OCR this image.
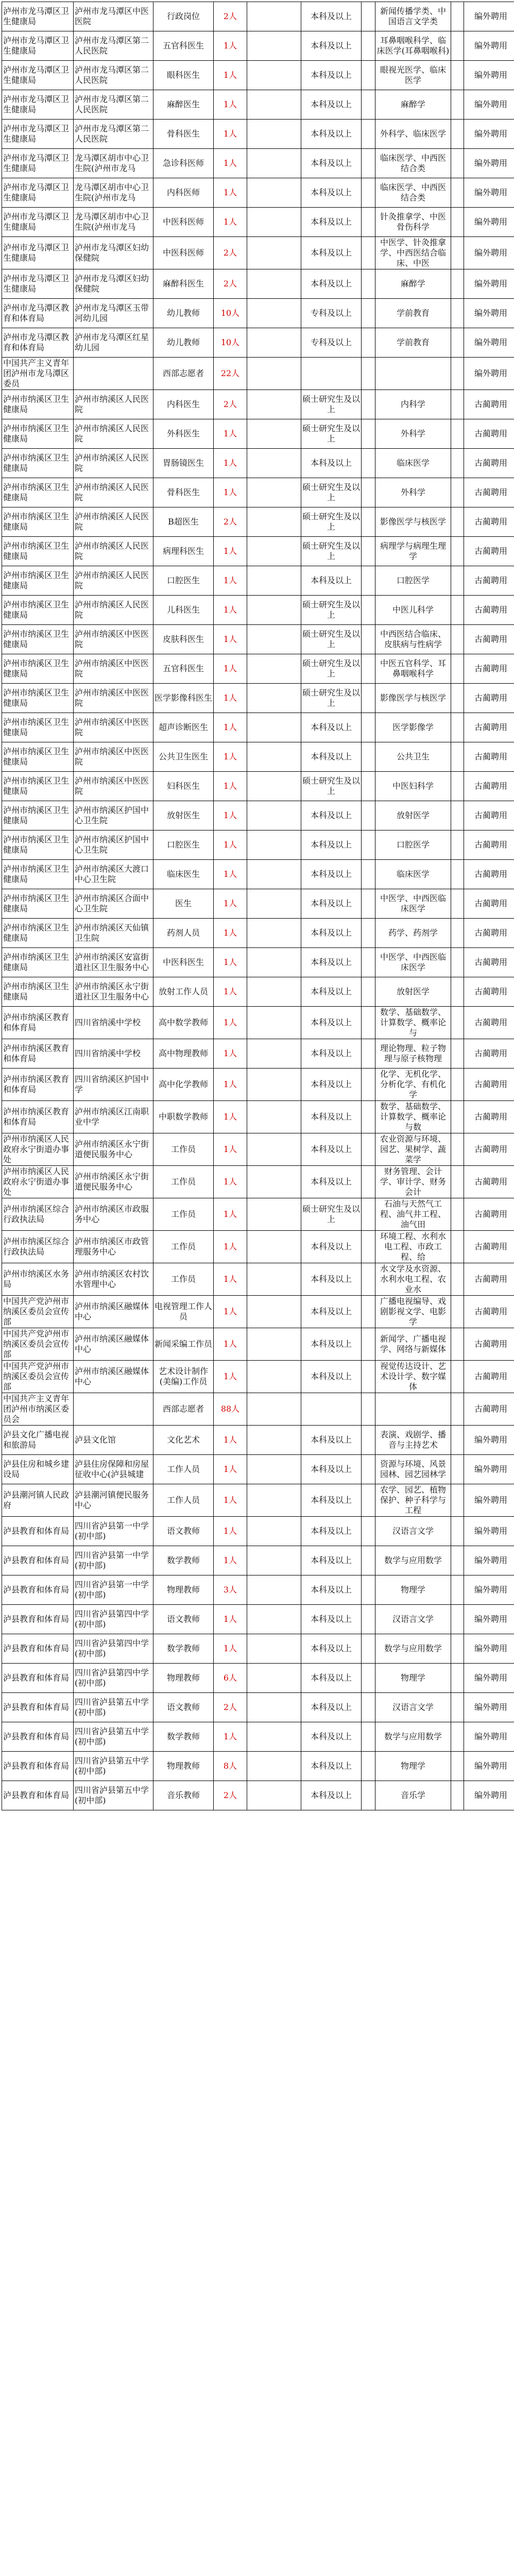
泸州市龙马潭区卫生健康局	泸州市龙马潭区中医医院	行政岗位	2人		本科及以上		新闻传播学类、中国语言文学类		编外聘用
泸州市龙马潭区卫生健康局	泸州市龙马潭区第二人民医院	五官科医生	1人		本科及以上		耳鼻咽喉科学、临床医学(耳鼻咽喉科)		编外聘用
泸州市龙马潭区卫生健康局	泸州市龙马潭区第二人民医院	眼科医生	1人		本科及以上		眼视光医学、临床医学		编外聘用
泸州市龙马潭区卫生健康局	泸州市龙马潭区第二人民医院	麻醉医生	1人		本科及以上		麻醉学		编外聘用
泸州市龙马潭区卫生健康局	泸州市龙马潭区第二人民医院	骨科医生	1人		本科及以上		外科学、临床医学		编外聘用
泸州市龙马潭区卫生健康局	龙马潭区胡市中心卫生院(泸州市龙马	急诊科医师	1人		本科及以上		临床医学、中西医结合类		编外聘用
泸州市龙马潭区卫生健康局	龙马潭区胡市中心卫生院(泸州市龙马	内科医师	1人		本科及以上		临床医学、中西医结合类		编外聘用
泸州市龙马潭区卫生健康局	龙马潭区胡市中心卫生院(泸州市龙马	中医科医师	1人		本科及以上		针灸推拿学、中医骨伤科学		编外聘用
泸州市龙马潭区卫生健康局	泸州市龙马潭区妇幼保健院	中医科医师	2人		本科及以上		中医学、针灸推拿学、中西医结合临床、中医		编外聘用
泸州市龙马潭区卫生健康局	泸州市龙马潭区妇幼保健院	麻醉科医生	2人		本科及以上		麻醉学		编外聘用
泸州市龙马潭区教育和体育局	泸州市龙马潭区玉带河幼儿园	幼儿教师	10人		专科及以上		学前教育		编外聘用
泸州市龙马潭区教育和体育局	泸州市龙马潭区红星幼儿园	幼儿教师	10人		专科及以上		学前教育		编外聘用
中国共产主义青年团泸州市龙马潭区委员		西部志愿者	22人						编外聘用
泸州市纳溪区卫生健康局	泸州市纳溪区人民医院	内科医生	2人		硕士研究生及以上		内科学		古蔺聘用
泸州市纳溪区卫生健康局	泸州市纳溪区人民医院	外科医生	1人		硕士研究生及以上		外科学		古蔺聘用
泸州市纳溪区卫生健康局	泸州市纳溪区人民医院	胃肠镜医生	1人		本科及以上		临床医学		古蔺聘用
泸州市纳溪区卫生健康局	泸州市纳溪区人民医院	骨科医生	1人		硕士研究生及以上		外科学		古蔺聘用
泸州市纳溪区卫生健康局	泸州市纳溪区人民医院	B超医生	2人		硕士研究生及以上		影像医学与核医学		古蔺聘用
泸州市纳溪区卫生健康局	泸州市纳溪区人民医院	病理科医生	1人		硕士研究生及以上		病理学与病理生理学		古蔺聘用
泸州市纳溪区卫生健康局	泸州市纳溪区人民医院	口腔医生	1人		本科及以上		口腔医学		古蔺聘用
泸州市纳溪区卫生健康局	泸州市纳溪区人民医院	儿科医生	1人		硕士研究生及以上		中医儿科学		古蔺聘用
泸州市纳溪区卫生健康局	泸州市纳溪区中医医院	皮肤科医生	1人		硕士研究生及以上		中西医结合临床、皮肤病与性病学		古蔺聘用
泸州市纳溪区卫生健康局	泸州市纳溪区中医医院	五官科医生	1人		硕士研究生及以上		中医五官科学、耳鼻咽喉科学		古蔺聘用
泸州市纳溪区卫生健康局	泸州市纳溪区中医医院	医学影像科医生	1人		硕士研究生及以上		影像医学与核医学		古蔺聘用
泸州市纳溪区卫生健康局	泸州市纳溪区中医医院	超声诊断医生	1人		本科及以上		医学影像学		古蔺聘用
泸州市纳溪区卫生健康局	泸州市纳溪区中医医院	公共卫生医生	1人		本科及以上		公共卫生		古蔺聘用
泸州市纳溪区卫生健康局	泸州市纳溪区中医医院	妇科医生	1人		硕士研究生及以上		中医妇科学		古蔺聘用
泸州市纳溪区卫生健康局	泸州市纳溪区护国中心卫生院	放射医生	1人		本科及以上		放射医学		古蔺聘用
泸州市纳溪区卫生健康局	泸州市纳溪区护国中心卫生院	口腔医生	1人		本科及以上		口腔医学		古蔺聘用
泸州市纳溪区卫生健康局	泸州市纳溪区大渡口中心卫生院	临床医生	1人		本科及以上		临床医学		古蔺聘用
泸州市纳溪区卫生健康局	泸州市纳溪区合面中心卫生院	医生	1人		本科及以上		中医学、中西医临床医学		古蔺聘用
泸州市纳溪区卫生健康局	泸州市纳溪区天仙镇卫生院	药剂人员	1人		本科及以上		药学、药剂学		古蔺聘用
泸州市纳溪区卫生健康局	泸州市纳溪区安富街道社区卫生服务中心	中医科医生	1人		本科及以上		中医学、中西医临床医学		古蔺聘用
泸州市纳溪区卫生健康局	泸州市纳溪区永宁街道社区卫生服务中心	放射工作人员	1人		本科及以上		放射医学		古蔺聘用
泸州市纳溪区教育和体育局	四川省纳溪中学校	高中数学教师	1人		本科及以上		数学、基础数学、计算数学、概率论与		古蔺聘用
泸州市纳溪区教育和体育局	四川省纳溪中学校	高中物理教师	1人		本科及以上		理论物理、粒子物理与原子核物理		古蔺聘用
泸州市纳溪区教育和体育局	四川省纳溪区护国中学	高中化学教师	1人		本科及以上		化学、无机化学、分析化学、有机化学		古蔺聘用
泸州市纳溪区教育和体育局	泸州市纳溪区江南职业中学	中职数学教师	1人		本科及以上		数学、基础数学、计算数学、概率论与数		古蔺聘用
泸州市纳溪区人民政府永宁街道办事处	泸州市纳溪区永宁街道便民服务中心	工作员	1人		本科及以上		农业资源与环境、园艺、果树学、蔬菜学		古蔺聘用
泸州市纳溪区人民政府永宁街道办事处	泸州市纳溪区永宁街道便民服务中心	工作员	1人		本科及以上		财务管理、会计学、审计学、财务会计		古蔺聘用
泸州市纳溪区综合行政执法局	泸州市纳溪区市政服务中心	工作员	1人		硕士研究生及以上		石油与天然气工程、油气井工程、油气田		古蔺聘用
泸州市纳溪区综合行政执法局	泸州市纳溪区市政管理服务中心	工作员	1人		本科及以上		环境工程、水利水电工程、市政工程、给		古蔺聘用
泸州市纳溪区水务局	泸州市纳溪区农村饮水管理中心	工作员	1人		本科及以上		水文学及水资源、水利水电工程、农业水		古蔺聘用
中国共产党泸州市纳溪区委员会宣传部	泸州市纳溪区融媒体中心	电视管理工作人员	1人		本科及以上		广播电视编导、戏剧影视文学、电影学		古蔺聘用
中国共产党泸州市纳溪区委员会宣传部	泸州市纳溪区融媒体中心	新闻采编工作员	1人		本科及以上		新闻学、广播电视学、网络与新媒体		古蔺聘用
中国共产党泸州市纳溪区委员会宣传部	泸州市纳溪区融媒体中心	艺术设计制作(美编)工作员	1人		本科及以上		视觉传达设计、艺术设计学、数字媒体		古蔺聘用
中国共产主义青年团泸州市纳溪区委员会		西部志愿者	88人						古蔺聘用
泸县文化广播电视和旅游局	泸县文化馆	文化艺术	1人		本科及以上		表演、戏剧学、播音与主持艺术		编外聘用
泸县住房和城乡建设局	泸县住房保障和房屋征收中心(泸县城建	工作人员	1人		本科及以上		资源与环境、风景园林、园艺园林学		编外聘用
泸县潮河镇人民政府	泸县潮河镇便民服务中心	工作人员	1人		本科及以上		农学、园艺、植物保护、种子科学与工程		编外聘用
泸县教育和体育局	四川省泸县第一中学(初中部)	语文教师	1人		本科及以上		汉语言文学		编外聘用
泸县教育和体育局	四川省泸县第一中学(初中部)	数学教师	1人		本科及以上		数学与应用数学		编外聘用
泸县教育和体育局	四川省泸县第一中学(初中部)	物理教师	3人		本科及以上		物理学		编外聘用
泸县教育和体育局	四川省泸县第四中学(初中部)	语文教师	1人		本科及以上		汉语言文学		编外聘用
泸县教育和体育局	四川省泸县第四中学(初中部)	数学教师	1人		本科及以上		数学与应用数学		编外聘用
泸县教育和体育局	四川省泸县第四中学(初中部)	物理教师	6人		本科及以上		物理学		编外聘用
泸县教育和体育局	四川省泸县第五中学(初中部)	语文教师	2人		本科及以上		汉语言文学		编外聘用
泸县教育和体育局	四川省泸县第五中学(初中部)	数学教师	1人		本科及以上		数学与应用数学		编外聘用
泸县教育和体育局	四川省泸县第五中学(初中部)	物理教师	8人		本科及以上		物理学		编外聘用
泸县教育和体育局	四川省泸县第五中学(初中部)	音乐教师	2人		本科及以上		音乐学		编外聘用
